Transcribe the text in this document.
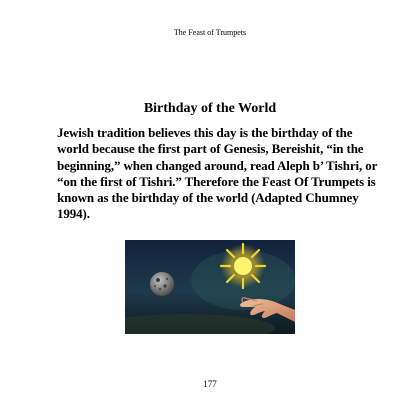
The Feast of Trumpets
Birthday of the World

Jewish tradition believes this day is the birthday of the world because the first part of Genesis, Bereishit, “in the beginning,” when changed around, read Aleph b’ Tishri, or “on the first of Tishri.” Therefore the Feast Of Trumpets is known as the birthday of the world (Adapted Chumney 1994).

177
